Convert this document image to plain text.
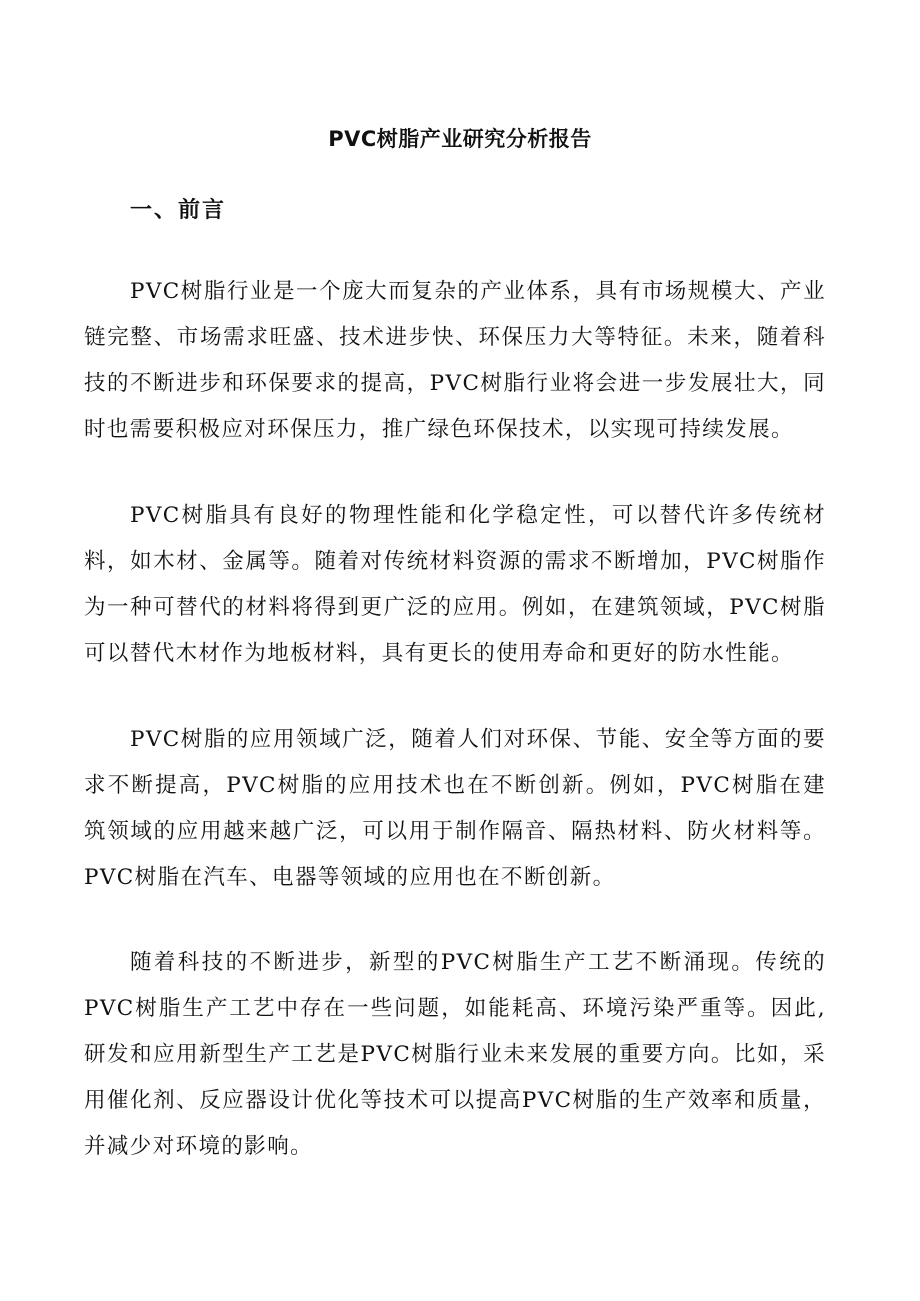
PVC树脂产业研究分析报告
一、前言

PVC树脂行业是一个庞大而复杂的产业体系，具有市场规模大、产业链完整、市场需求旺盛、技术进步快、环保压力大等特征。未来，随着科技的不断进步和环保要求的提高，PVC树脂行业将会进一步发展壮大，同时也需要积极应对环保压力，推广绿色环保技术，以实现可持续发展。

PVC树脂具有良好的物理性能和化学稳定性，可以替代许多传统材料，如木材、金属等。随着对传统材料资源的需求不断增加，PVC树脂作为一种可替代的材料将得到更广泛的应用。例如，在建筑领域，PVC树脂可以替代木材作为地板材料，具有更长的使用寿命和更好的防水性能。

PVC树脂的应用领域广泛，随着人们对环保、节能、安全等方面的要求不断提高，PVC树脂的应用技术也在不断创新。例如，PVC树脂在建筑领域的应用越来越广泛，可以用于制作隔音、隔热材料、防火材料等。PVC树脂在汽车、电器等领域的应用也在不断创新。

随着科技的不断进步，新型的PVC树脂生产工艺不断涌现。传统的PVC树脂生产工艺中存在一些问题，如能耗高、环境污染严重等。因此,研发和应用新型生产工艺是PVC树脂行业未来发展的重要方向。比如，采用催化剂、反应器设计优化等技术可以提高PVC树脂的生产效率和质量，并减少对环境的影响。
